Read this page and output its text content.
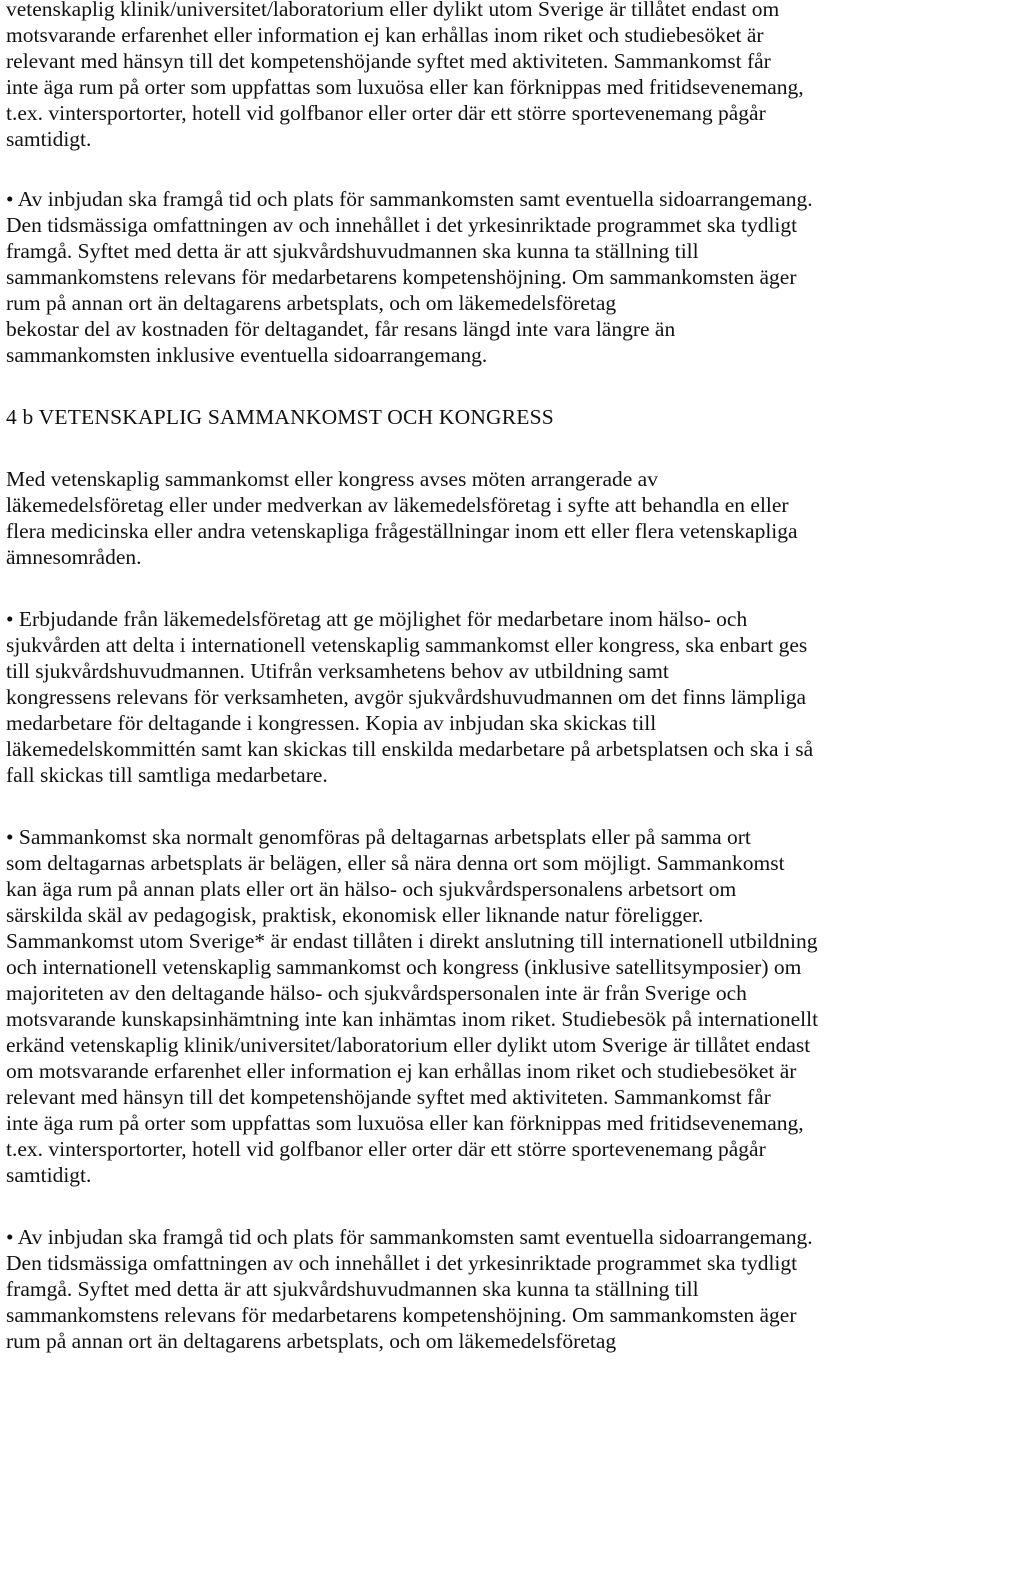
vetenskaplig klinik/universitet/laboratorium eller dylikt utom Sverige är tillåtet endast om
motsvarande erfarenhet eller information ej kan erhållas inom riket och studiebesöket är
relevant med hänsyn till det kompetenshöjande syftet med aktiviteten. Sammankomst får
inte äga rum på orter som uppfattas som luxuösa eller kan förknippas med fritidsevenemang,
t.ex. vintersportorter, hotell vid golfbanor eller orter där ett större sportevenemang pågår
samtidigt.
• Av inbjudan ska framgå tid och plats för sammankomsten samt eventuella sidoarrangemang.
Den tidsmässiga omfattningen av och innehållet i det yrkesinriktade programmet ska tydligt
framgå. Syftet med detta är att sjukvårdshuvudmannen ska kunna ta ställning till
sammankomstens relevans för medarbetarens kompetenshöjning. Om sammankomsten äger
rum på annan ort än deltagarens arbetsplats, och om läkemedelsföretag
bekostar del av kostnaden för deltagandet, får resans längd inte vara längre än
sammankomsten inklusive eventuella sidoarrangemang.
4 b VETENSKAPLIG SAMMANKOMST OCH KONGRESS
Med vetenskaplig sammankomst eller kongress avses möten arrangerade av
läkemedelsföretag eller under medverkan av läkemedelsföretag i syfte att behandla en eller
flera medicinska eller andra vetenskapliga frågeställningar inom ett eller flera vetenskapliga
ämnesområden.
• Erbjudande från läkemedelsföretag att ge möjlighet för medarbetare inom hälso- och
sjukvården att delta i internationell vetenskaplig sammankomst eller kongress, ska enbart ges
till sjukvårdshuvudmannen. Utifrån verksamhetens behov av utbildning samt
kongressens relevans för verksamheten, avgör sjukvårdshuvudmannen om det finns lämpliga
medarbetare för deltagande i kongressen. Kopia av inbjudan ska skickas till
läkemedelskommittén samt kan skickas till enskilda medarbetare på arbetsplatsen och ska i så
fall skickas till samtliga medarbetare.
• Sammankomst ska normalt genomföras på deltagarnas arbetsplats eller på samma ort
som deltagarnas arbetsplats är belägen, eller så nära denna ort som möjligt. Sammankomst
kan äga rum på annan plats eller ort än hälso- och sjukvårdspersonalens arbetsort om
särskilda skäl av pedagogisk, praktisk, ekonomisk eller liknande natur föreligger.
Sammankomst utom Sverige* är endast tillåten i direkt anslutning till internationell utbildning
och internationell vetenskaplig sammankomst och kongress (inklusive satellitsymposier) om
majoriteten av den deltagande hälso- och sjukvårdspersonalen inte är från Sverige och
motsvarande kunskapsinhämtning inte kan inhämtas inom riket. Studiebesök på internationellt
erkänd vetenskaplig klinik/universitet/laboratorium eller dylikt utom Sverige är tillåtet endast
om motsvarande erfarenhet eller information ej kan erhållas inom riket och studiebesöket är
relevant med hänsyn till det kompetenshöjande syftet med aktiviteten. Sammankomst får
inte äga rum på orter som uppfattas som luxuösa eller kan förknippas med fritidsevenemang,
t.ex. vintersportorter, hotell vid golfbanor eller orter där ett större sportevenemang pågår
samtidigt.
• Av inbjudan ska framgå tid och plats för sammankomsten samt eventuella sidoarrangemang.
Den tidsmässiga omfattningen av och innehållet i det yrkesinriktade programmet ska tydligt
framgå. Syftet med detta är att sjukvårdshuvudmannen ska kunna ta ställning till
sammankomstens relevans för medarbetarens kompetenshöjning. Om sammankomsten äger
rum på annan ort än deltagarens arbetsplats, och om läkemedelsföretag
